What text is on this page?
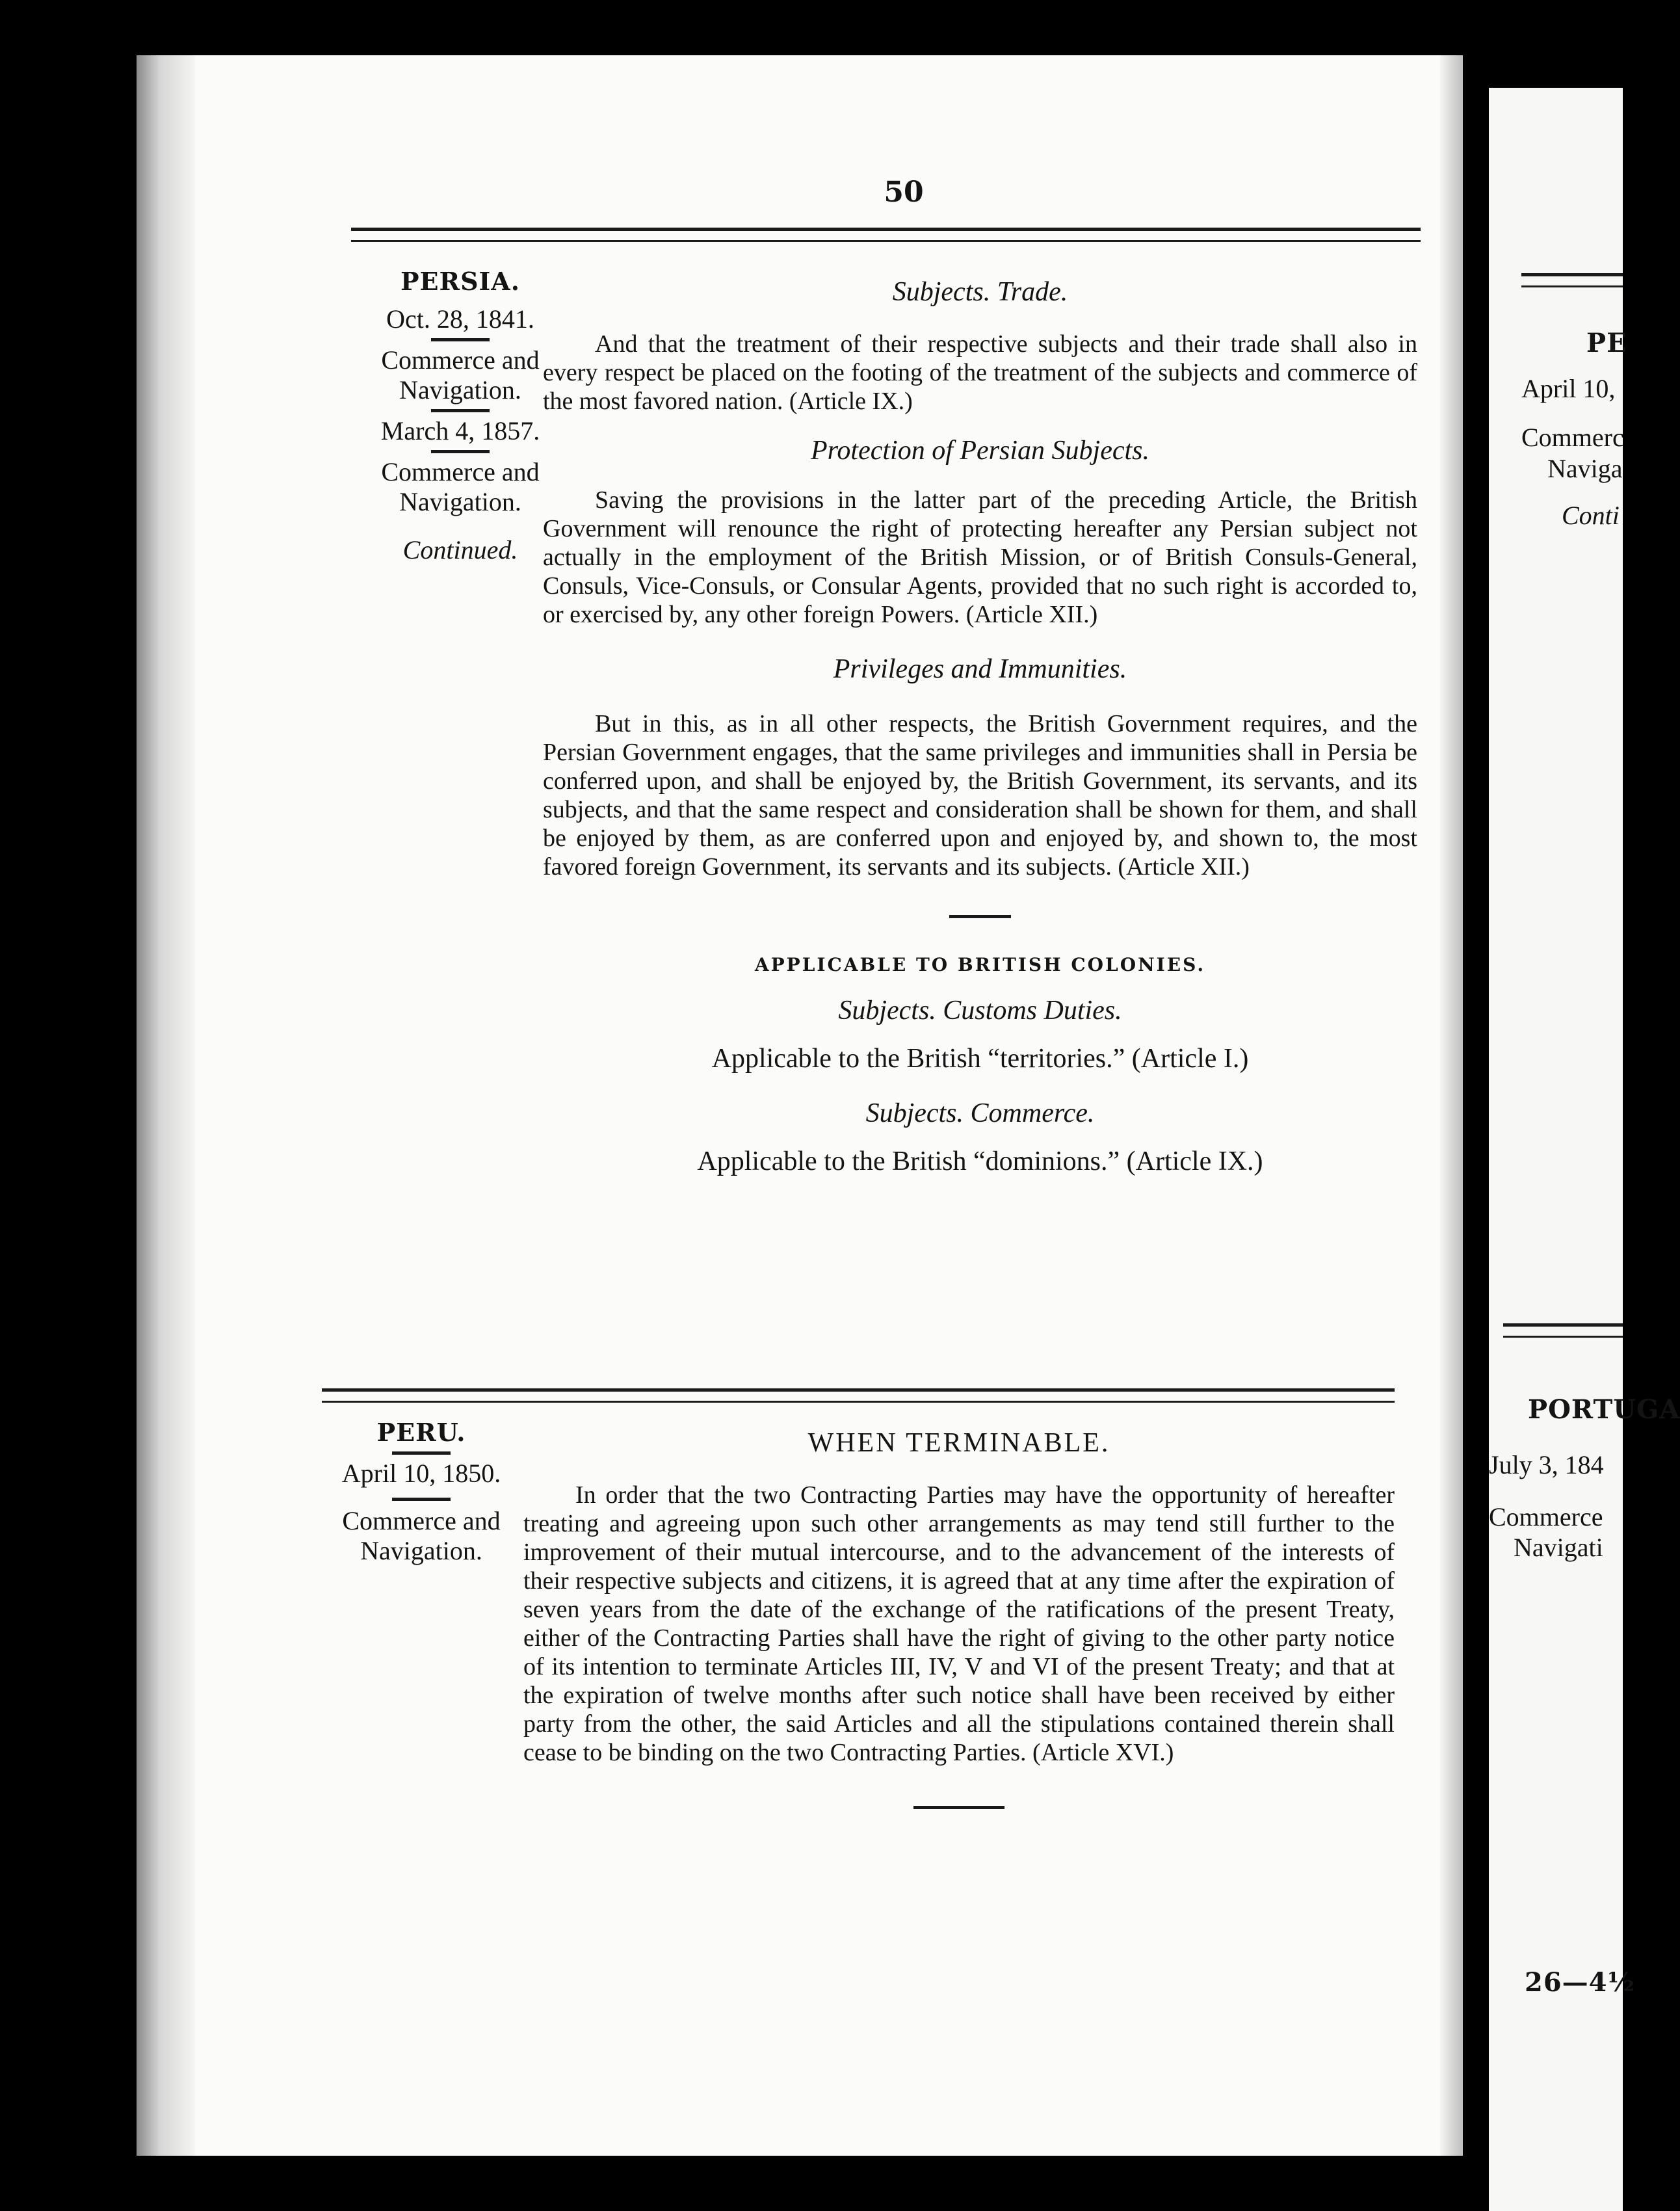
50
PERSIA.
Oct. 28, 1841.
Commerce and
Navigation.
March 4, 1857.
Commerce and
Navigation.
Continued.
Subjects. Trade.

And that the treatment of their respective subjects and their trade shall also in every respect be placed on the footing of the treatment of the subjects and commerce of the most favored nation. (Article IX.)

Protection of Persian Subjects.

Saving the provisions in the latter part of the preceding Article, the British Government will renounce the right of protecting hereafter any Persian subject not actually in the employment of the British Mission, or of British Consuls-General, Consuls, Vice-Consuls, or Consular Agents, provided that no such right is accorded to, or exercised by, any other foreign Powers. (Article XII.)

Privileges and Immunities.

But in this, as in all other respects, the British Government requires, and the Persian Government engages, that the same privileges and immunities shall in Persia be conferred upon, and shall be enjoyed by, the British Government, its servants, and its subjects, and that the same respect and consideration shall be shown for them, and shall be enjoyed by them, as are conferred upon and enjoyed by, and shown to, the most favored foreign Government, its servants and its subjects. (Article XII.)

APPLICABLE TO BRITISH COLONIES.
Subjects. Customs Duties.
Applicable to the British “territories.” (Article I.)
Subjects. Commerce.
Applicable to the British “dominions.” (Article IX.)
PERU.
April 10, 1850.
Commerce and
Navigation.
WHEN TERMINABLE.

In order that the two Contracting Parties may have the opportunity of hereafter treating and agreeing upon such other arrangements as may tend still further to the improvement of their mutual intercourse, and to the advancement of the interests of their respective subjects and citizens, it is agreed that at any time after the expiration of seven years from the date of the exchange of the ratifications of the present Treaty, either of the Contracting Parties shall have the right of giving to the other party notice of its intention to terminate Articles III, IV, V and VI of the present Treaty; and that at the expiration of twelve months after such notice shall have been received by either party from the other, the said Articles and all the stipulations contained therein shall cease to be binding on the two Contracting Parties. (Article XVI.)

PE
April 10,
Commerc
Naviga
Conti
PORTUGA
July 3, 184
Commerce
Navigati
26—4½
